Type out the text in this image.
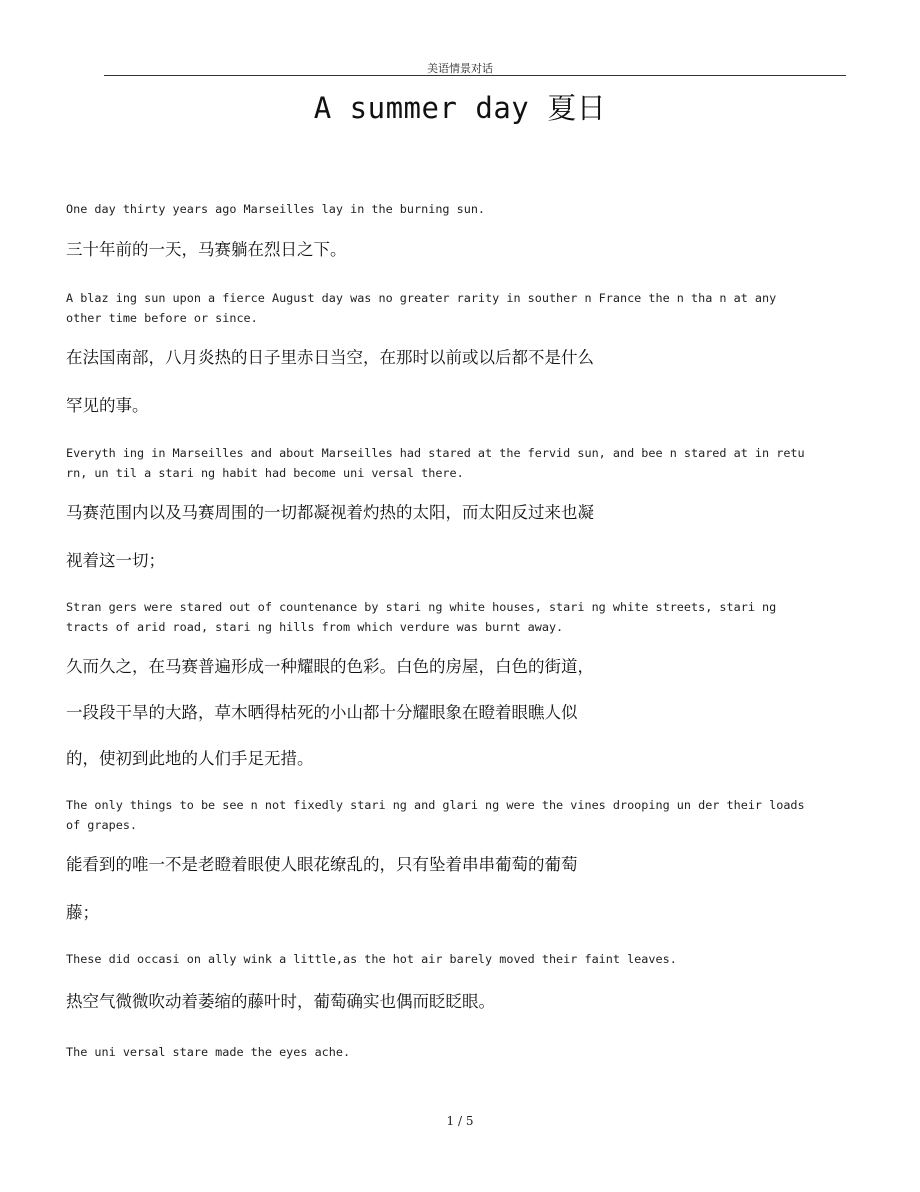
美语情景对话
A summer day 夏日
One day thirty years ago Marseilles lay in the burning sun.
三十年前的一天，马赛躺在烈日之下。
A blaz ing sun upon a fierce August day was no greater rarity in souther n France the n tha n at any other time before or since.
在法国南部，八月炎热的日子里赤日当空，在那时以前或以后都不是什么
罕见的事。
Everyth ing in Marseilles and about Marseilles had stared at the fervid sun, and bee n stared at in retu rn, un til a stari ng habit had become uni versal there.
马赛范围内以及马赛周围的一切都凝视着灼热的太阳，而太阳反过来也凝
视着这一切；
Stran gers were stared out of countenance by stari ng white houses, stari ng white streets, stari ng tracts of arid road, stari ng hills from which verdure was burnt away.
久而久之，在马赛普遍形成一种耀眼的色彩。白色的房屋，白色的街道，
一段段干旱的大路，草木晒得枯死的小山都十分耀眼象在瞪着眼瞧人似
的，使初到此地的人们手足无措。
The only things to be see n not fixedly stari ng and glari ng were the vines drooping un der their loads of grapes.
能看到的唯一不是老瞪着眼使人眼花缭乱的，只有坠着串串葡萄的葡萄
藤；
These did occasi on ally wink a little,as the hot air barely moved their faint leaves.
热空气微微吹动着萎缩的藤叶时，葡萄确实也偶而眨眨眼。
The uni versal stare made the eyes ache.
1 / 5
